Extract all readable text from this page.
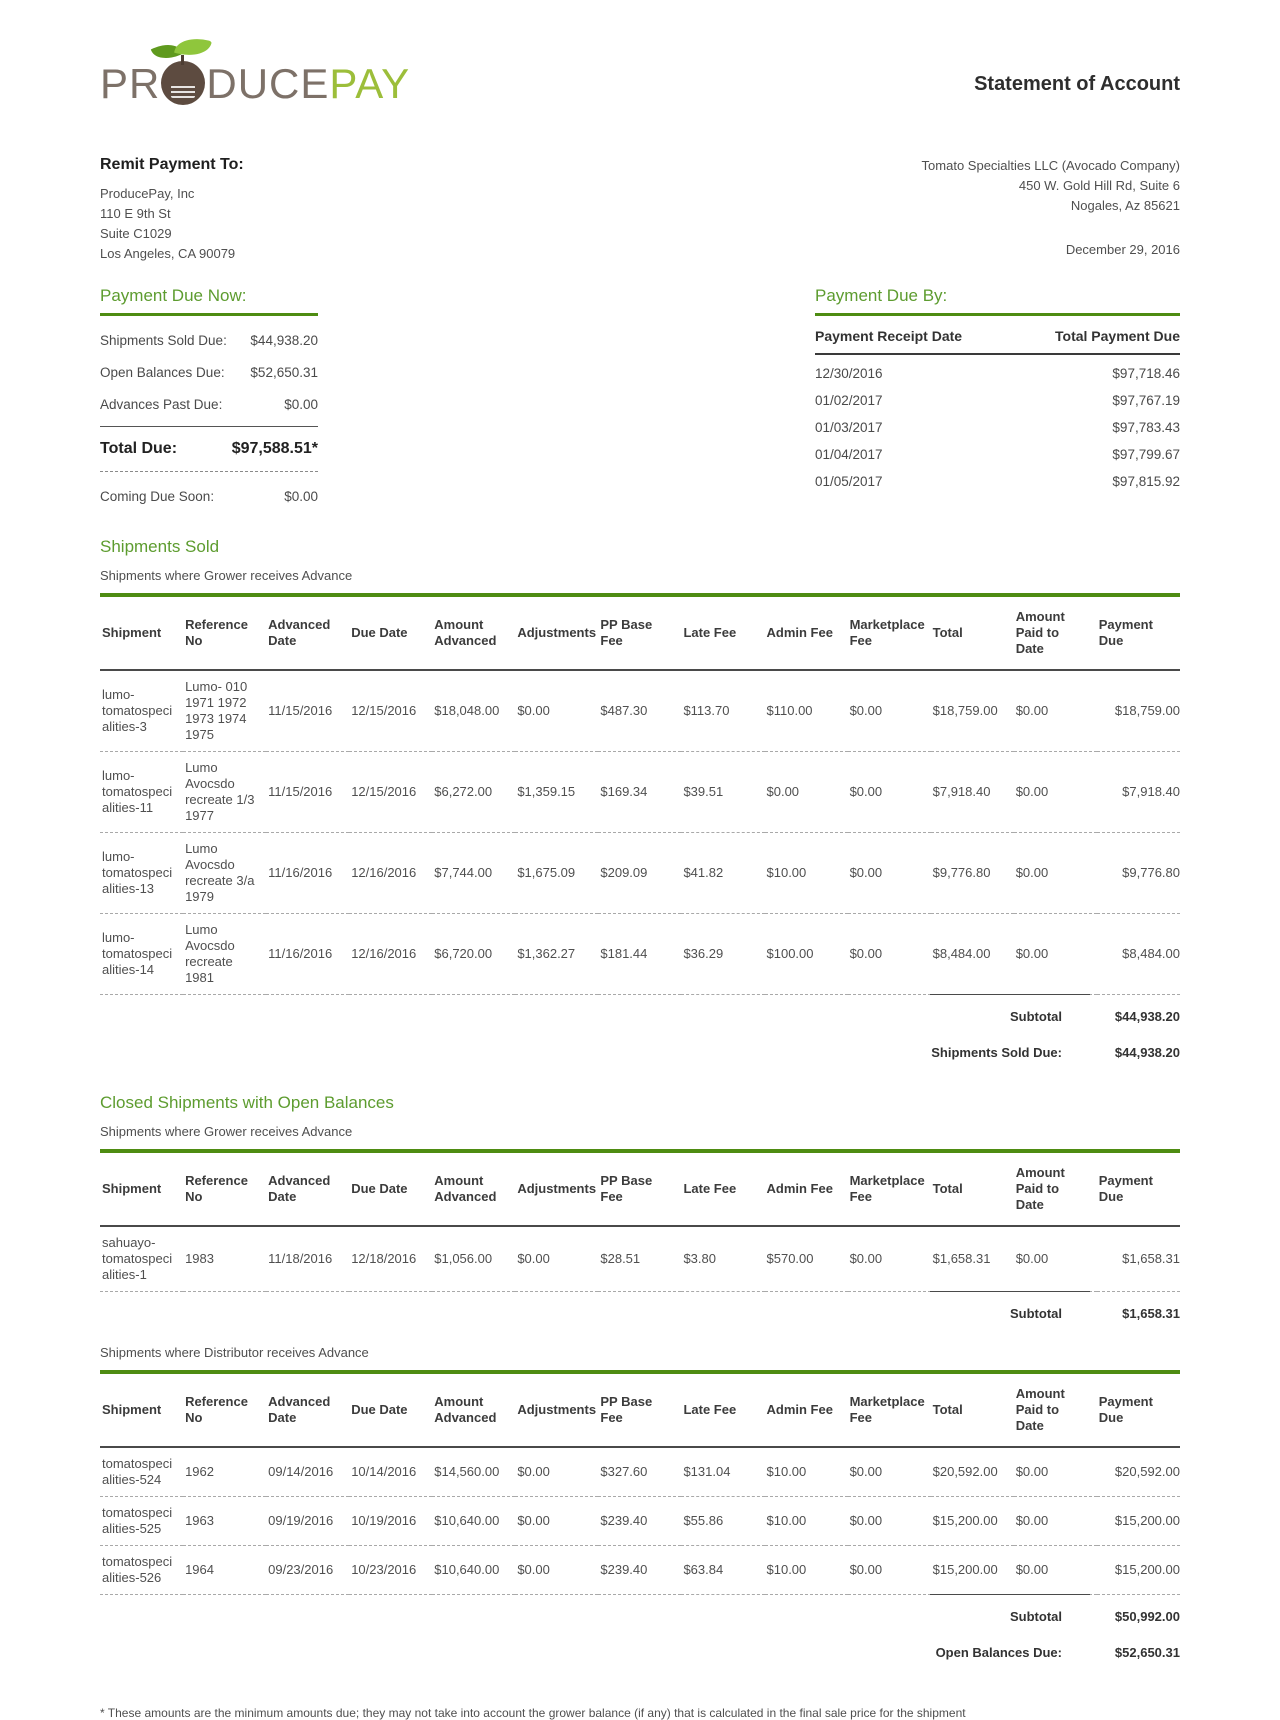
PR DUCEPAY	Statement of Account
Remit Payment To:
ProducePay, Inc
110 E 9th St
Suite C1029
Los Angeles, CA 90079
Tomato Specialties LLC (Avocado Company)
450 W. Gold Hill Rd, Suite 6
Nogales, Az 85621
December 29, 2016
Payment Due Now:
Shipments Sold Due: $44,938.20
Open Balances Due: $52,650.31
Advances Past Due:	$0.00
Total Due:	$97,588.51*
Coming Due Soon:	$0.00
Payment Due By:
Payment Receipt Date	Total Payment Due
12/30/2016	$97,718.46
01/02/2017	$97,767.19
01/03/2017	$97,783.43
01/04/2017	$97,799.67
01/05/2017	$97,815.92
Shipments Sold
Shipments where Grower receives Advance
Shipment	Reference No	Advanced Date	Due Date	Amount Advanced	Adjustments	PP Base Fee	Late Fee	Admin Fee	Marketplace Fee	Total	Amount Paid to Date	Payment Due
lumo-tomatospecialities-3	Lumo- 010 1971 1972 1973 1974 1975	11/15/2016	12/15/2016	$18,048.00	$0.00	$487.30	$113.70	$110.00	$0.00	$18,759.00	$0.00	$18,759.00
lumo-tomatospecialities-11	Lumo Avocsdo recreate 1/3 1977	11/15/2016	12/15/2016	$6,272.00	$1,359.15	$169.34	$39.51	$0.00	$0.00	$7,918.40	$0.00	$7,918.40
lumo-tomatospecialities-13	Lumo Avocsdo recreate 3/a 1979	11/16/2016	12/16/2016	$7,744.00	$1,675.09	$209.09	$41.82	$10.00	$0.00	$9,776.80	$0.00	$9,776.80
lumo-tomatospecialities-14	Lumo Avocsdo recreate 1981	11/16/2016	12/16/2016	$6,720.00	$1,362.27	$181.44	$36.29	$100.00	$0.00	$8,484.00	$0.00	$8,484.00
Subtotal	$44,938.20
Shipments Sold Due:	$44,938.20
Closed Shipments with Open Balances
Shipments where Grower receives Advance
Shipment	Reference No	Advanced Date	Due Date	Amount Advanced	Adjustments	PP Base Fee	Late Fee	Admin Fee	Marketplace Fee	Total	Amount Paid to Date	Payment Due
sahuayo-tomatospecialities-1	1983	11/18/2016	12/18/2016	$1,056.00	$0.00	$28.51	$3.80	$570.00	$0.00	$1,658.31	$0.00	$1,658.31
Subtotal	$1,658.31
Shipments where Distributor receives Advance
Shipment	Reference No	Advanced Date	Due Date	Amount Advanced	Adjustments	PP Base Fee	Late Fee	Admin Fee	Marketplace Fee	Total	Amount Paid to Date	Payment Due
tomatospecialities-524	1962	09/14/2016	10/14/2016	$14,560.00	$0.00	$327.60	$131.04	$10.00	$0.00	$20,592.00	$0.00	$20,592.00
tomatospecialities-525	1963	09/19/2016	10/19/2016	$10,640.00	$0.00	$239.40	$55.86	$10.00	$0.00	$15,200.00	$0.00	$15,200.00
tomatospecialities-526	1964	09/23/2016	10/23/2016	$10,640.00	$0.00	$239.40	$63.84	$10.00	$0.00	$15,200.00	$0.00	$15,200.00
Subtotal	$50,992.00
Open Balances Due:	$52,650.31
* These amounts are the minimum amounts due; they may not take into account the grower balance (if any) that is calculated in the final sale price for the shipment
